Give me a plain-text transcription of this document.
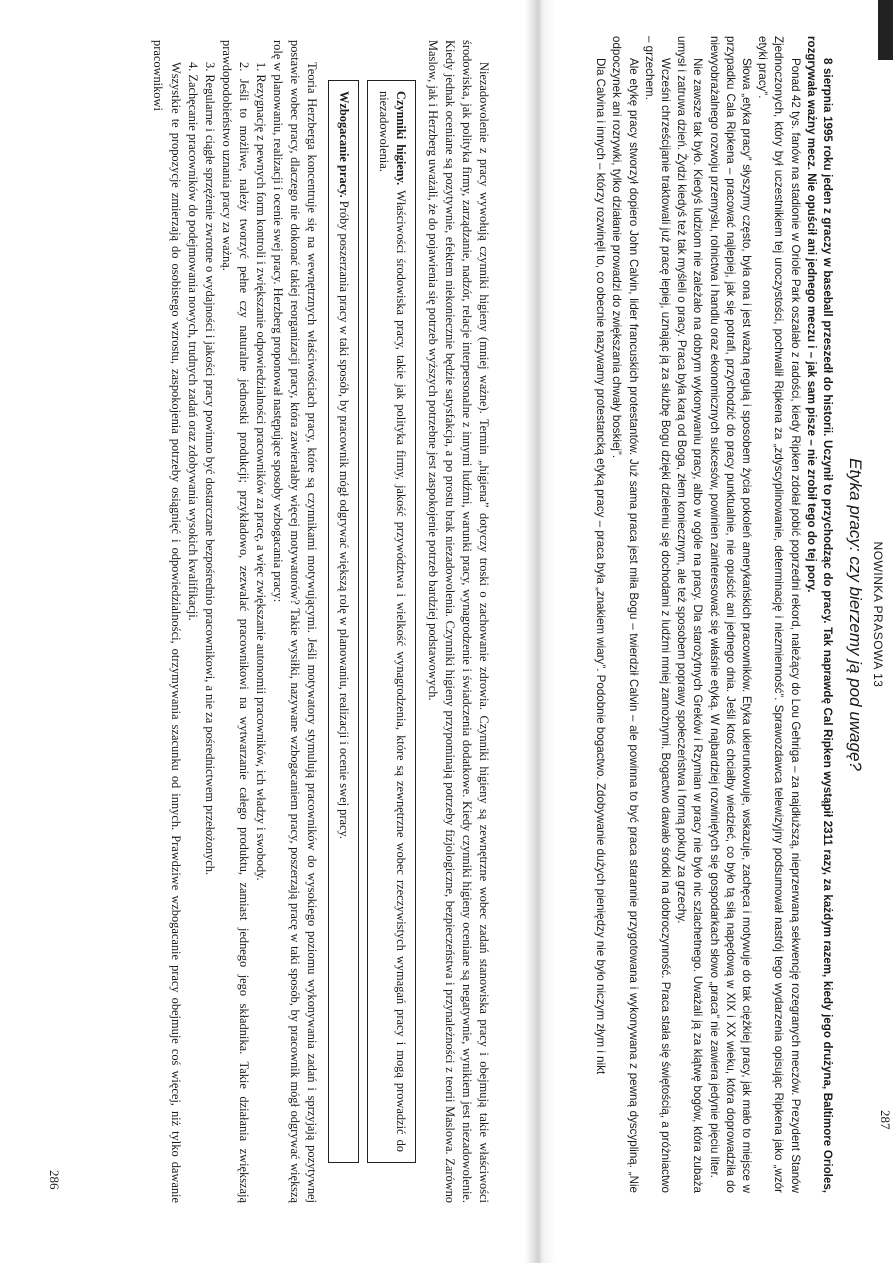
Niezadowolenie z pracy wywołują czynniki higieny (mniej ważne). Termin „higiena” dotyczy troski o zachowanie zdrowia. Czynniki higieny są zewnętrzne wobec zadań stanowiska pracy i obejmują takie właściwości środowiska, jak polityka firmy, zarządzanie, nadzór, relacje interpersonalne z innymi ludźmi, warunki pracy, wynagrodzenie i świadczenia dodatkowe. Kiedy czynniki higieny oceniane są negatywnie, wynikiem jest niezadowolenie. Kiedy jednak oceniane są pozytywnie, efektem niekoniecznie będzie satysfakcja, a po prostu brak niezadowolenia. Czynniki higieny przypominają potrzeby fizjologiczne, bezpieczeństwa i przynależności z teorii Maslowa. Zarówno Maslow, jak i Herzberg uważali, że do pojawienia się potrzeb wyższych potrzebne jest zaspokojenie potrzeb bardziej podstawowych.

Czynniki higieny. Właściwości środowiska pracy, takie jak polityka firmy, jakość przywództwa i wielkość wynagrodzenia, które są zewnętrzne wobec rzeczywistych wymagań pracy i mogą prowadzić do niezadowolenia.
Wzbogacanie pracy. Próby poszerzania pracy w taki sposób, by pracownik mógł odgrywać większą rolę w planowaniu, realizacji i ocenie swej pracy.

Teoria Herzberga koncentruje się na wewnętrznych właściwościach pracy, które są czynnikami motywującymi. Jeśli motywatory stymulują pracowników do wysokiego poziomu wykonywania zadań i sprzyjają pozytywnej postawie wobec pracy, dlaczego nie dokonać takiej reorganizacji pracy, która zawierałaby więcej motywatorów? Takie wysiłki, nazywane wzbogacaniem pracy, poszerzają pracę w taki sposób, by pracownik mógł odgrywać większą rolę w planowaniu, realizacji i ocenie swej pracy. Herzberg proponował następujące sposoby wzbogacania pracy:

1. Rezygnację z pewnych form kontroli i zwiększanie odpowiedzialności pracowników za pracę, a więc zwiększanie autonomii pracowników, ich władzy i swobody.

2. Jeśli to możliwe, należy tworzyć pełne czy naturalne jednostki produkcji; przykładowo, zezwalać pracownikowi na wytwarzanie całego produktu, zamiast jednego jego składnika. Takie działania zwiększają prawdopodobieństwo uznania pracy za ważną.

3. Regularne i ciągłe sprzężenie zwrotne o wydajności i jakości pracy powinno być dostarczane bezpośrednio pracownikowi, a nie za pośrednictwem przełożonych.

4. Zachęcanie pracowników do podejmowania nowych, trudnych zadań oraz zdobywania wysokich kwalifikacji.

Wszystkie te propozycje zmierzają do osobistego wzrostu, zaspokojenia potrzeby osiągnięć i odpowiedzialności, otrzymywania szacunku od innych. Prawdziwe wzbogacanie pracy obejmuje coś więcej, niż tylko dawanie pracownikowi

286
NOWINKA PRASOWA 13
Etyka pracy: czy bierzemy ją pod uwagę?

8 sierpnia 1995 roku jeden z graczy w baseball przeszedł do historii. Uczynił to przychodząc do pracy. Tak naprawdę Cal Ripken wystąpił 2311 razy, za każdym razem, kiedy jego drużyna, Baltimore Orioles, rozgrywała ważny mecz. Nie opuścił ani jednego meczu i – jak sam pisze – nie zrobił tego do tej pory.

Ponad 42 tys. fanów na stadionie w Oriole Park oszalało z radości, kiedy Ripken zdołał pobić poprzedni rekord, należący do Lou Gehriga – za najdłuższą, nieprzerwaną sekwencję rozegranych meczów. Prezydent Stanów Zjednoczonych, który był uczestnikiem tej uroczystości, pochwalił Ripkena za „zdyscyplinowanie, determinację i niezmienność”. Sprawozdawca telewizyjny podsumował nastrój tego wydarzenia opisując Ripkena jako „wzór etyki pracy”.

Słowa „etyka pracy” słyszymy często, była ona i jest ważną regułą i sposobem życia pokoleń amerykańskich pracowników. Etyka ukierunkowuje, wskazuje, zachęca i motywuje do tak ciężkiej pracy, jak mało to miejsce w przypadku Cala Ripkena – pracować najlepiej, jak się potrafi, przychodzić do pracy punktualnie, nie opuścić ani jednego dnia. Jeśli ktoś chciałby wiedzieć, co było tą siłą napędową w XIX i XX wieku, która doprowadziła do niewyobrażalnego rozwoju przemysłu, rolnictwa i handlu oraz ekonomicznych sukcesów, powinien zainteresować się właśnie etyką. W najbardziej rozwiniętych się gospodarkach słowo „praca” nie zawiera jedynie pięciu liter.

Nie zawsze tak było. Kiedyś ludziom nie zależało na dobrym wykonywaniu pracy, albo w ogóle na pracy. Dla starożytnych Greków i Rzymian w pracy nie było nic szlachetnego. Uważali ją za klątwę bogów, która zubaża umysł i zatruwa dzień. Żydzi kiedyś też tak myśleli o pracy. Praca była karą od Boga, złem koniecznym, ale też sposobem poprawy społeczeństwa i formą pokuty za grzechy.

Wcześni chrześcijanie traktowali już pracę lepiej, uznając ją za służbę Bogu dzięki dzieleniu się dochodami z ludźmi mniej zamożnymi. Bogactwo dawało środki na dobroczynność. Praca stała się świętością, a próżniactwo – grzechem.

Ale etykę pracy stworzył dopiero John Calvin, lider francuskich protestantów. Już sama praca jest miła Bogu – twierdził Calvin – ale powinna to być praca starannie przygotowana i wykonywana z pewną dyscypliną. „Nie odpoczynek ani rozrywki, tylko działanie prowadzi do zwiększania chwały boskiej”.

Dla Calvina i innych – którzy rozwinęli to, co obecnie nazywamy protestancką etyką pracy – praca była „znakiem wiary”. Podobnie bogactwo. Zdobywanie dużych pieniędzy nie było niczym złym i nikt

287
